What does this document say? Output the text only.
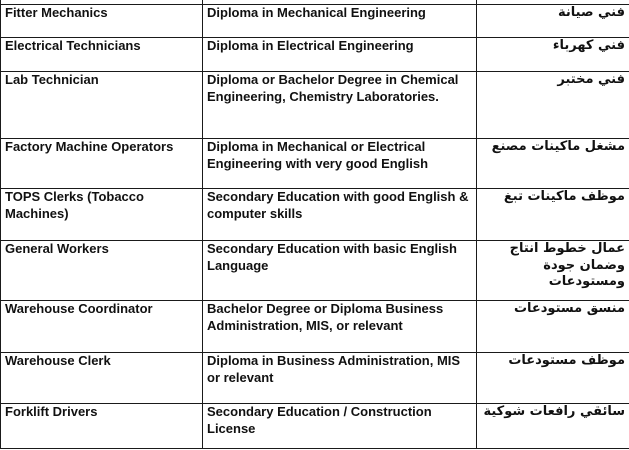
Fitter Mechanics	Diploma in Mechanical Engineering	فني صيانة
Electrical Technicians	Diploma in Electrical Engineering	فني كهرباء
Lab Technician	Diploma or Bachelor Degree in Chemical Engineering, Chemistry Laboratories.	فني مختبر
Factory Machine Operators	Diploma in Mechanical or Electrical Engineering with very good English	مشغل ماكينات مصنع
TOPS Clerks (Tobacco Machines)	Secondary Education with good English & computer skills	موظف ماكينات تبغ
General Workers	Secondary Education with basic English Language	عمال خطوط انتاج وضمان جودة ومستودعات
Warehouse Coordinator	Bachelor Degree or Diploma Business Administration, MIS, or relevant	منسق مستودعات
Warehouse Clerk	Diploma in Business Administration, MIS or relevant	موظف مستودعات
Forklift Drivers	Secondary Education / Construction License	سائقي رافعات شوكية
